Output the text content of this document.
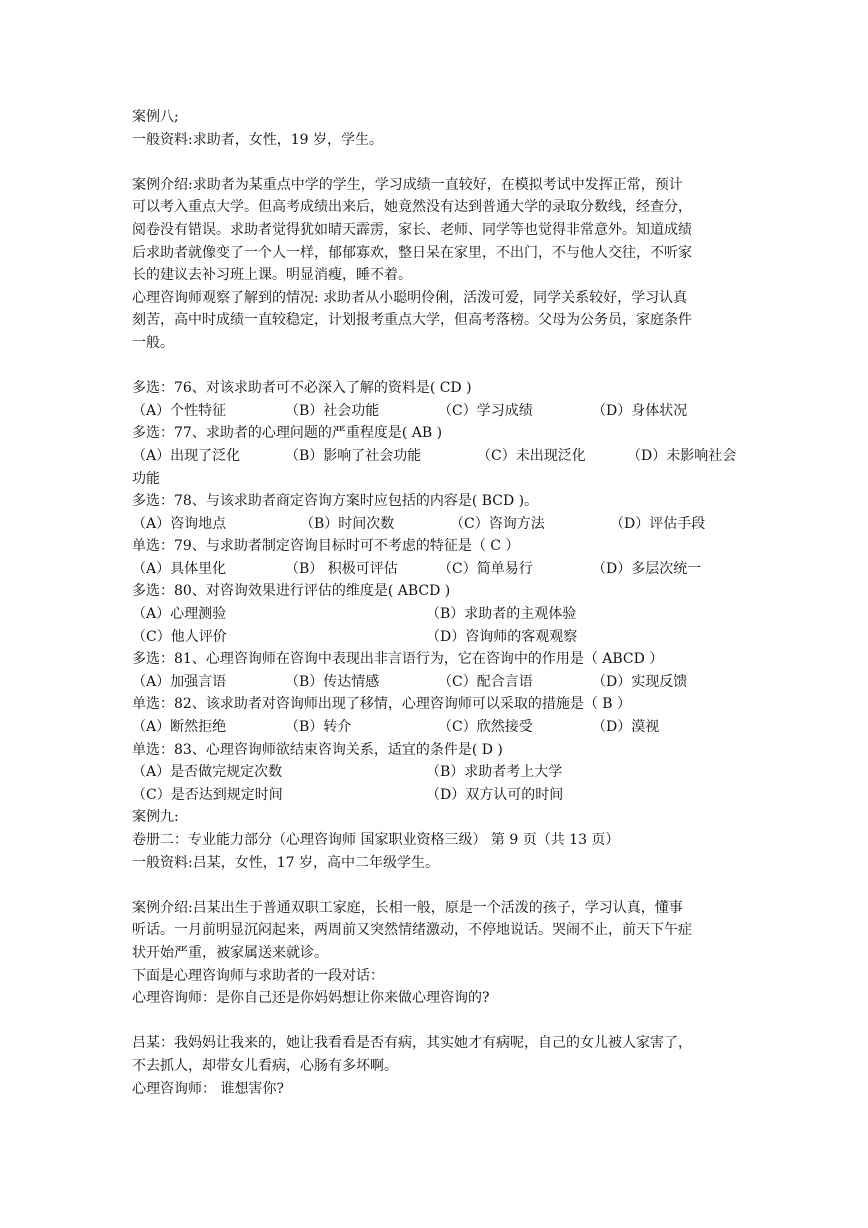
案例八;
一般资料:求助者，女性，19 岁，学生。
案例介绍:求助者为某重点中学的学生，学习成绩一直较好，在模拟考试中发挥正常，预计
可以考入重点大学。但高考成绩出来后，她竟然没有达到普通大学的录取分数线，经查分，
阅卷没有错误。求助者觉得犹如晴天霹雳，家长、老师、同学等也觉得非常意外。知道成绩
后求助者就像变了一个人一样，郁郁寡欢，整日呆在家里，不出门，不与他人交往，不听家
长的建议去补习班上课。明显消瘦，睡不着。
心理咨询师观察了解到的情况: 求助者从小聪明伶俐，活泼可爱，同学关系较好，学习认真
刻苦，高中时成绩一直较稳定，计划报考重点大学，但高考落榜。父母为公务员，家庭条件
一般。
多选：76、对该求助者可不必深入了解的资料是( CD )
（A）个性特征	（B）社会功能	（C）学习成绩	（D）身体状况
多选：77、求助者的心理问题的严重程度是( AB )
（A）出现了泛化	（B）影响了社会功能	（C）未出现泛化	（D）未影响社会
功能
多选：78、与该求助者商定咨询方案时应包括的内容是( BCD )。
（A）咨询地点	（B）时间次数	（C）咨询方法	（D）评估手段
单选：79、与求助者制定咨询目标时可不考虑的特征是（ C ）
（A）具体里化	（B） 积极可评估	（C）简单易行	（D）多层次统一
多选：80、对咨询效果进行评估的维度是( ABCD )
（A）心理测验	（B）求助者的主观体验
（C）他人评价	（D）咨询师的客观观察
多选：81、心理咨询师在咨询中表现出非言语行为，它在咨询中的作用是（ ABCD ）
（A）加强言语	（B）传达情感	（C）配合言语	（D）实现反馈
单选：82、该求助者对咨询师出现了移情，心理咨询师可以采取的措施是（ B ）
（A）断然拒绝	（B）转介	（C）欣然接受	（D）漠视
单选：83、心理咨询师欲结束咨询关系，适宜的条件是( D )
（A）是否做完规定次数	（B）求助者考上大学
（C）是否达到规定时间	（D）双方认可的时间
案例九:
卷册二：专业能力部分（心理咨询师 国家职业资格三级） 第 9 页（共 13 页）
一般资料:吕某，女性，17 岁，高中二年级学生。
案例介绍:吕某出生于普通双职工家庭，长相一般，原是一个活泼的孩子，学习认真，懂事
听话。一月前明显沉闷起来，两周前又突然情绪激动，不停地说话。哭闹不止，前天下午症
状开始严重，被家属送来就诊。
下面是心理咨询师与求助者的一段对话：
心理咨询师：是你自己还是你妈妈想让你来做心理咨询的?
吕某：我妈妈让我来的，她让我看看是否有病，其实她才有病呢，自己的女儿被人家害了，
不去抓人，却带女儿看病，心肠有多坏啊。
心理咨询师： 谁想害你?
